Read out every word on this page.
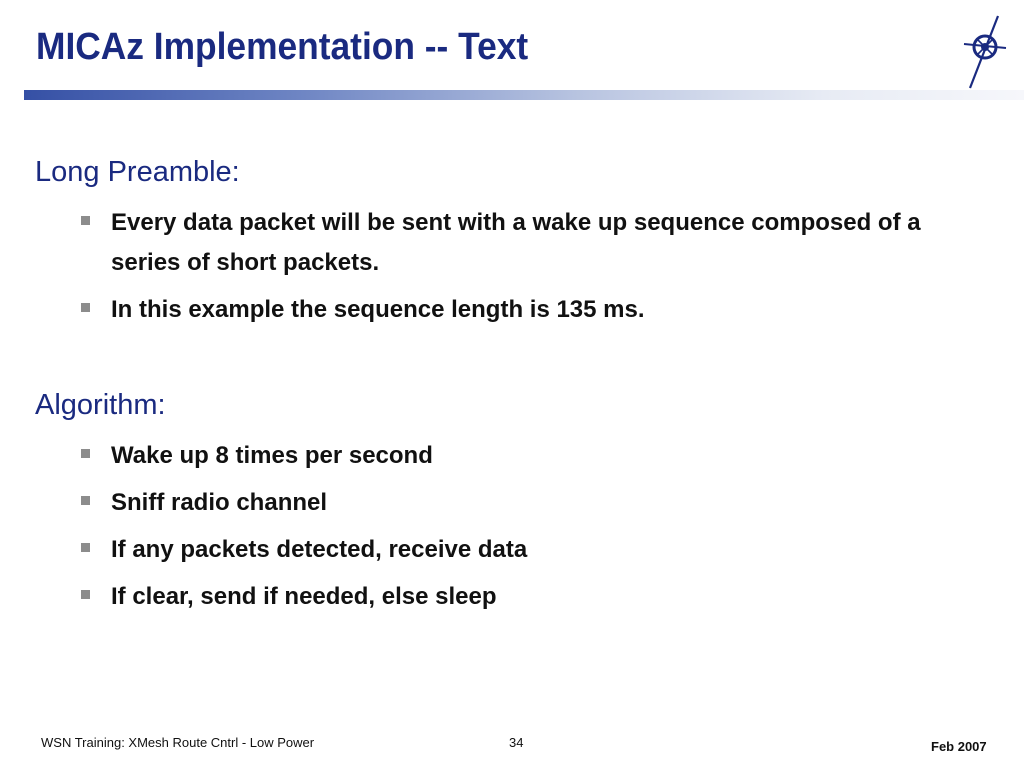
MICAz Implementation -- Text
Long Preamble:
Every data packet will be sent with a wake up sequence composed of a series of short packets.
In this example the sequence length is 135 ms.
Algorithm:
Wake up 8 times per second
Sniff radio channel
If any packets detected, receive data
If clear, send if needed, else sleep
WSN Training: XMesh Route Cntrl - Low Power	34	Feb 2007
